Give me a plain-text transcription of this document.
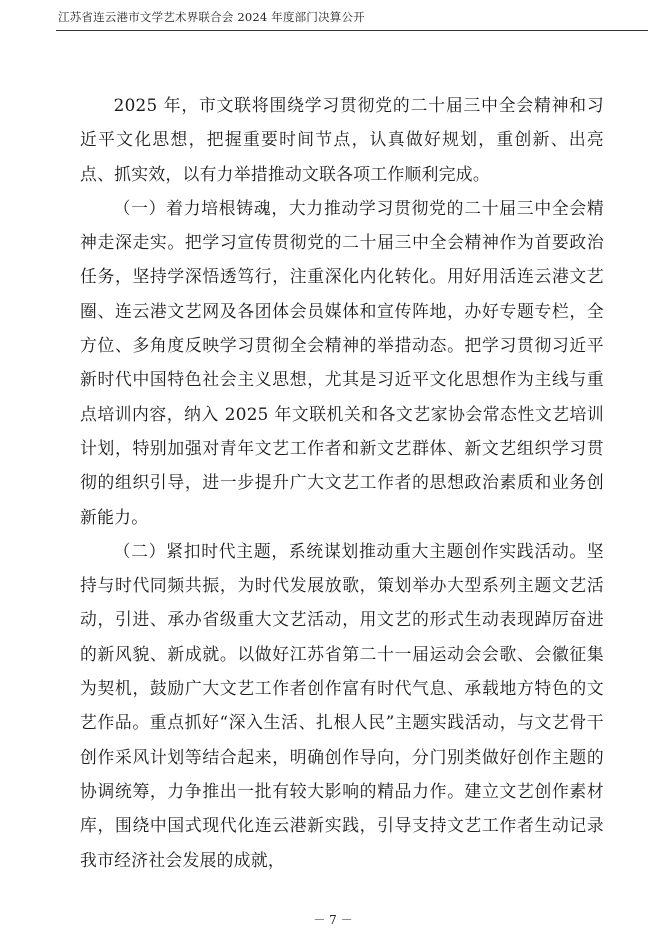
江苏省连云港市文学艺术界联合会 2024 年度部门决算公开

2025 年，市文联将围绕学习贯彻党的二十届三中全会精神和习近平文化思想，把握重要时间节点，认真做好规划，重创新、出亮点、抓实效，以有力举措推动文联各项工作顺利完成。

（一）着力培根铸魂，大力推动学习贯彻党的二十届三中全会精神走深走实。把学习宣传贯彻党的二十届三中全会精神作为首要政治任务，坚持学深悟透笃行，注重深化内化转化。用好用活连云港文艺圈、连云港文艺网及各团体会员媒体和宣传阵地，办好专题专栏，全方位、多角度反映学习贯彻全会精神的举措动态。把学习贯彻习近平新时代中国特色社会主义思想，尤其是习近平文化思想作为主线与重点培训内容，纳入 2025 年文联机关和各文艺家协会常态性文艺培训计划，特别加强对青年文艺工作者和新文艺群体、新文艺组织学习贯彻的组织引导，进一步提升广大文艺工作者的思想政治素质和业务创新能力。

（二）紧扣时代主题，系统谋划推动重大主题创作实践活动。坚持与时代同频共振，为时代发展放歌，策划举办大型系列主题文艺活动，引进、承办省级重大文艺活动，用文艺的形式生动表现踔厉奋进的新风貌、新成就。以做好江苏省第二十一届运动会会歌、会徽征集为契机，鼓励广大文艺工作者创作富有时代气息、承载地方特色的文艺作品。重点抓好“深入生活、扎根人民”主题实践活动，与文艺骨干创作采风计划等结合起来，明确创作导向，分门别类做好创作主题的协调统筹，力争推出一批有较大影响的精品力作。建立文艺创作素材库，围绕中国式现代化连云港新实践，引导支持文艺工作者生动记录我市经济社会发展的成就，

－ 7 －
